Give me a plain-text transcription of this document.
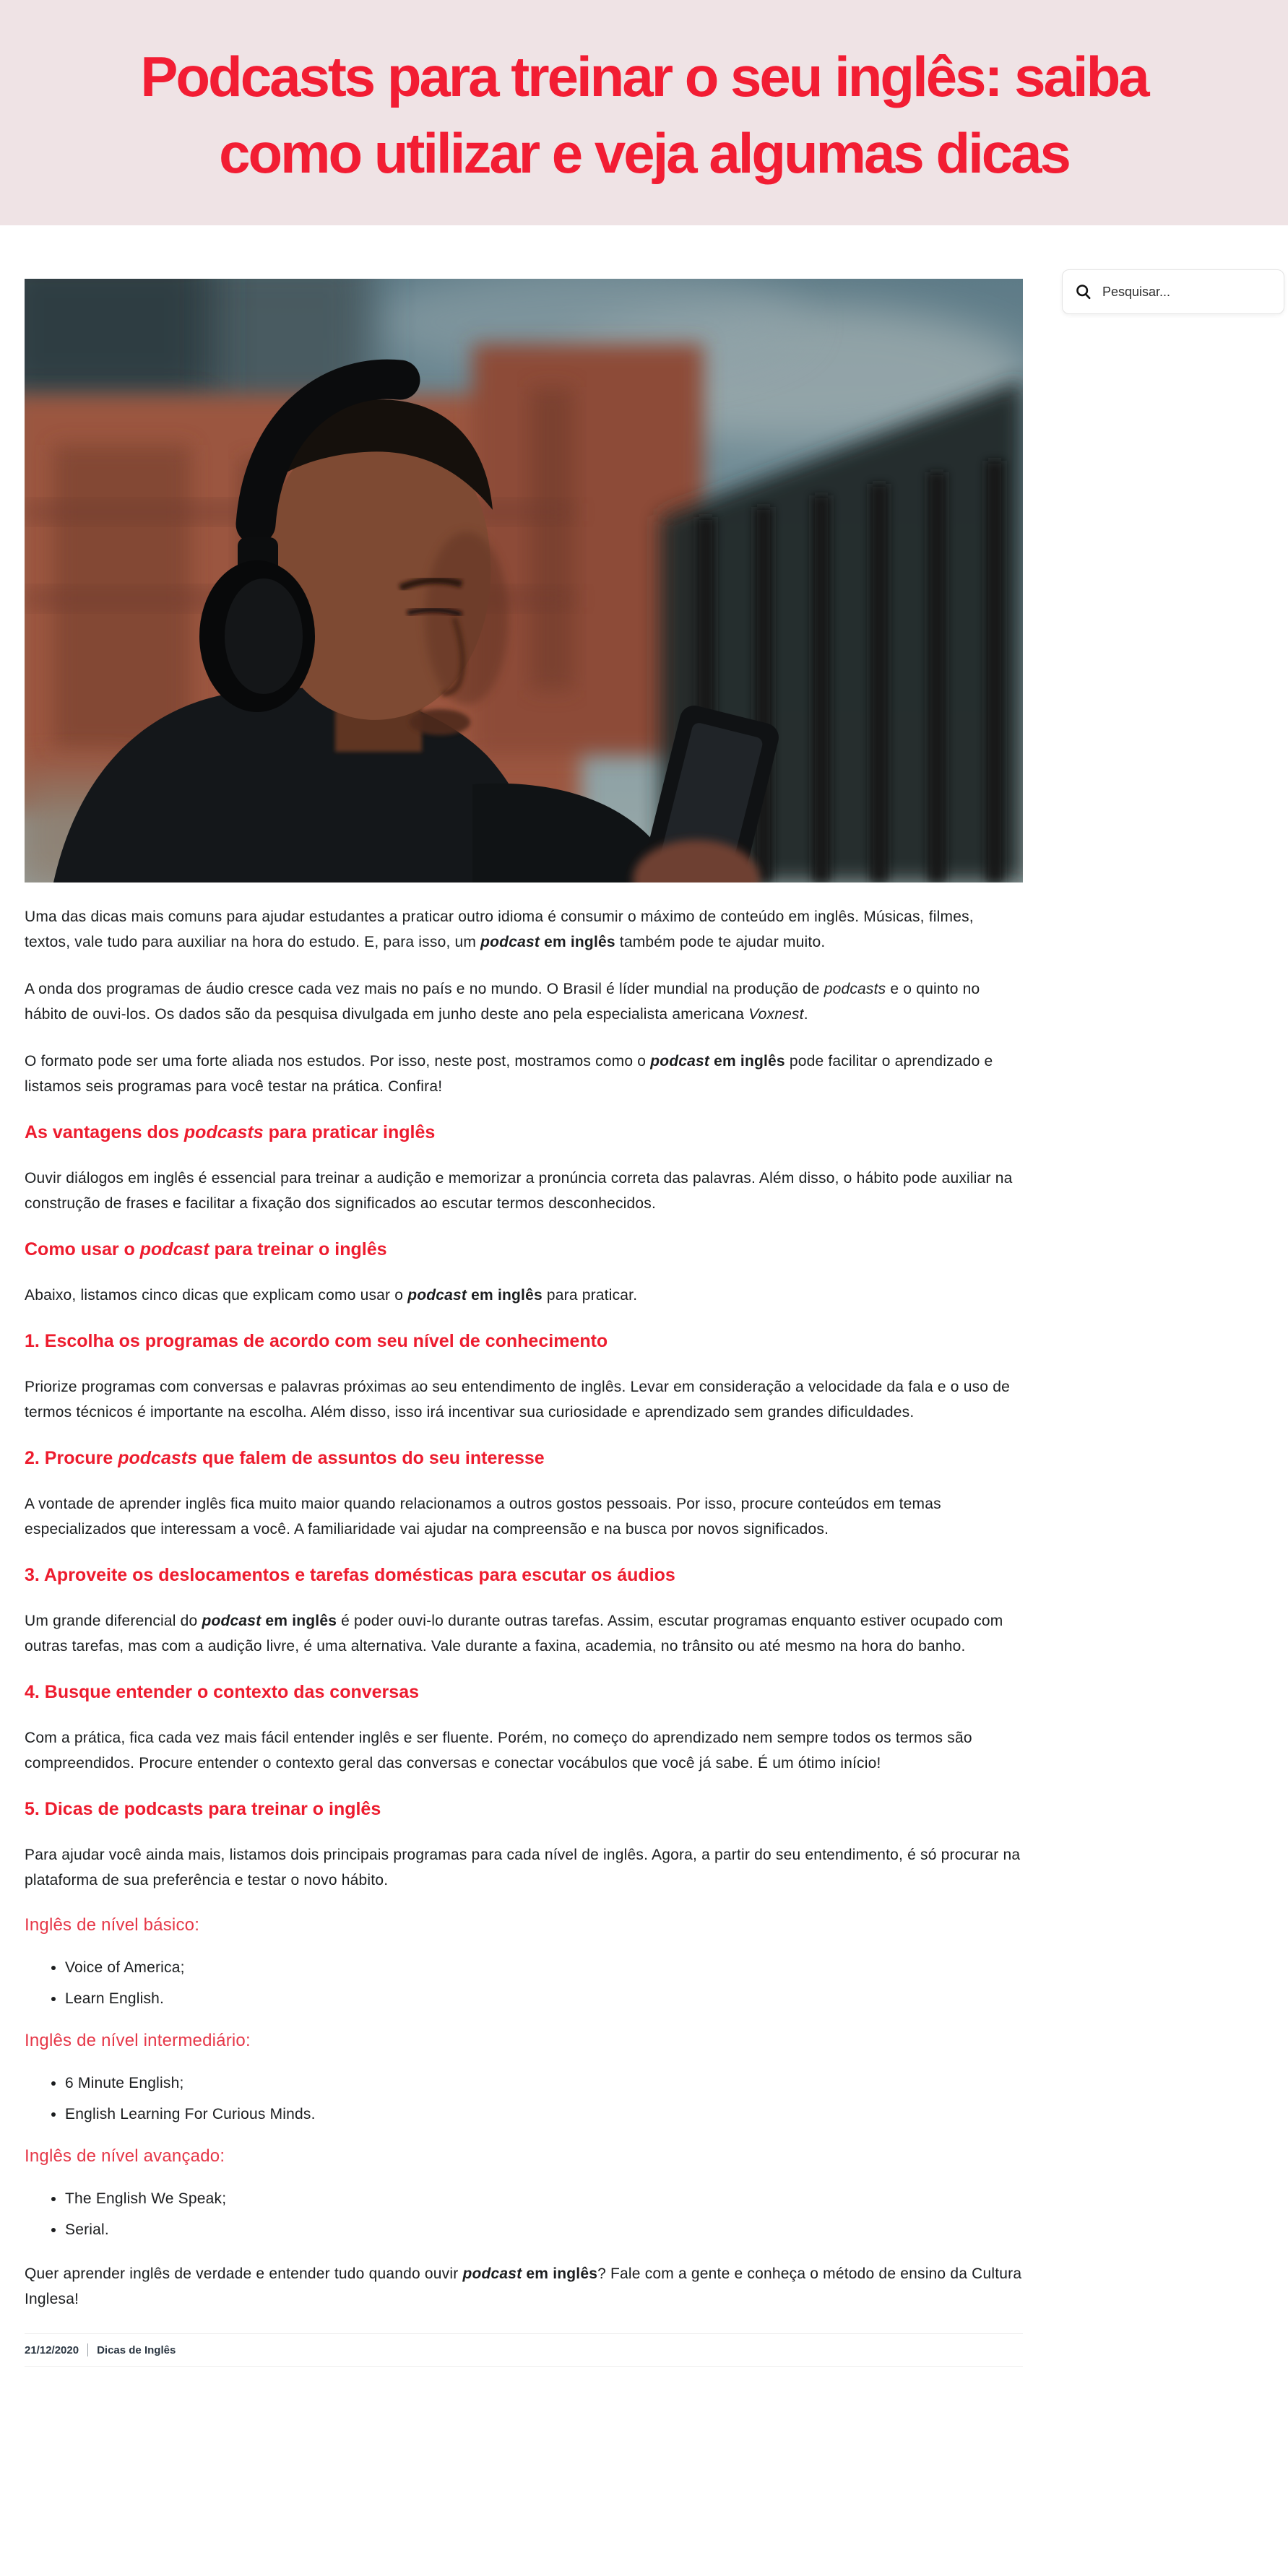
Podcasts para treinar o seu inglês: saiba
como utilizar e veja algumas dicas
Pesquisar...

Uma das dicas mais comuns para ajudar estudantes a praticar outro idioma é consumir o máximo de conteúdo em inglês. Músicas, filmes, textos, vale tudo para auxiliar na hora do estudo. E, para isso, um podcast em inglês também pode te ajudar muito.

A onda dos programas de áudio cresce cada vez mais no país e no mundo. O Brasil é líder mundial na produção de podcasts e o quinto no hábito de ouvi-los. Os dados são da pesquisa divulgada em junho deste ano pela especialista americana Voxnest.

O formato pode ser uma forte aliada nos estudos. Por isso, neste post, mostramos como o podcast em inglês pode facilitar o aprendizado e listamos seis programas para você testar na prática. Confira!

As vantagens dos podcasts para praticar inglês

Ouvir diálogos em inglês é essencial para treinar a audição e memorizar a pronúncia correta das palavras. Além disso, o hábito pode auxiliar na construção de frases e facilitar a fixação dos significados ao escutar termos desconhecidos.

Como usar o podcast para treinar o inglês

Abaixo, listamos cinco dicas que explicam como usar o podcast em inglês para praticar.

1. Escolha os programas de acordo com seu nível de conhecimento

Priorize programas com conversas e palavras próximas ao seu entendimento de inglês. Levar em consideração a velocidade da fala e o uso de termos técnicos é importante na escolha. Além disso, isso irá incentivar sua curiosidade e aprendizado sem grandes dificuldades.

2. Procure podcasts que falem de assuntos do seu interesse

A vontade de aprender inglês fica muito maior quando relacionamos a outros gostos pessoais. Por isso, procure conteúdos em temas especializados que interessam a você. A familiaridade vai ajudar na compreensão e na busca por novos significados.

3. Aproveite os deslocamentos e tarefas domésticas para escutar os áudios

Um grande diferencial do podcast em inglês é poder ouvi-lo durante outras tarefas. Assim, escutar programas enquanto estiver ocupado com outras tarefas, mas com a audição livre, é uma alternativa. Vale durante a faxina, academia, no trânsito ou até mesmo na hora do banho.

4. Busque entender o contexto das conversas

Com a prática, fica cada vez mais fácil entender inglês e ser fluente. Porém, no começo do aprendizado nem sempre todos os termos são compreendidos. Procure entender o contexto geral das conversas e conectar vocábulos que você já sabe. É um ótimo início!

5. Dicas de podcasts para treinar o inglês

Para ajudar você ainda mais, listamos dois principais programas para cada nível de inglês. Agora, a partir do seu entendimento, é só procurar na plataforma de sua preferência e testar o novo hábito.

Inglês de nível básico:
• Voice of America;
• Learn English.
Inglês de nível intermediário:
• 6 Minute English;
• English Learning For Curious Minds.
Inglês de nível avançado:
• The English We Speak;
• Serial.

Quer aprender inglês de verdade e entender tudo quando ouvir podcast em inglês? Fale com a gente e conheça o método de ensino da Cultura Inglesa!

21/12/2020 Dicas de Inglês
